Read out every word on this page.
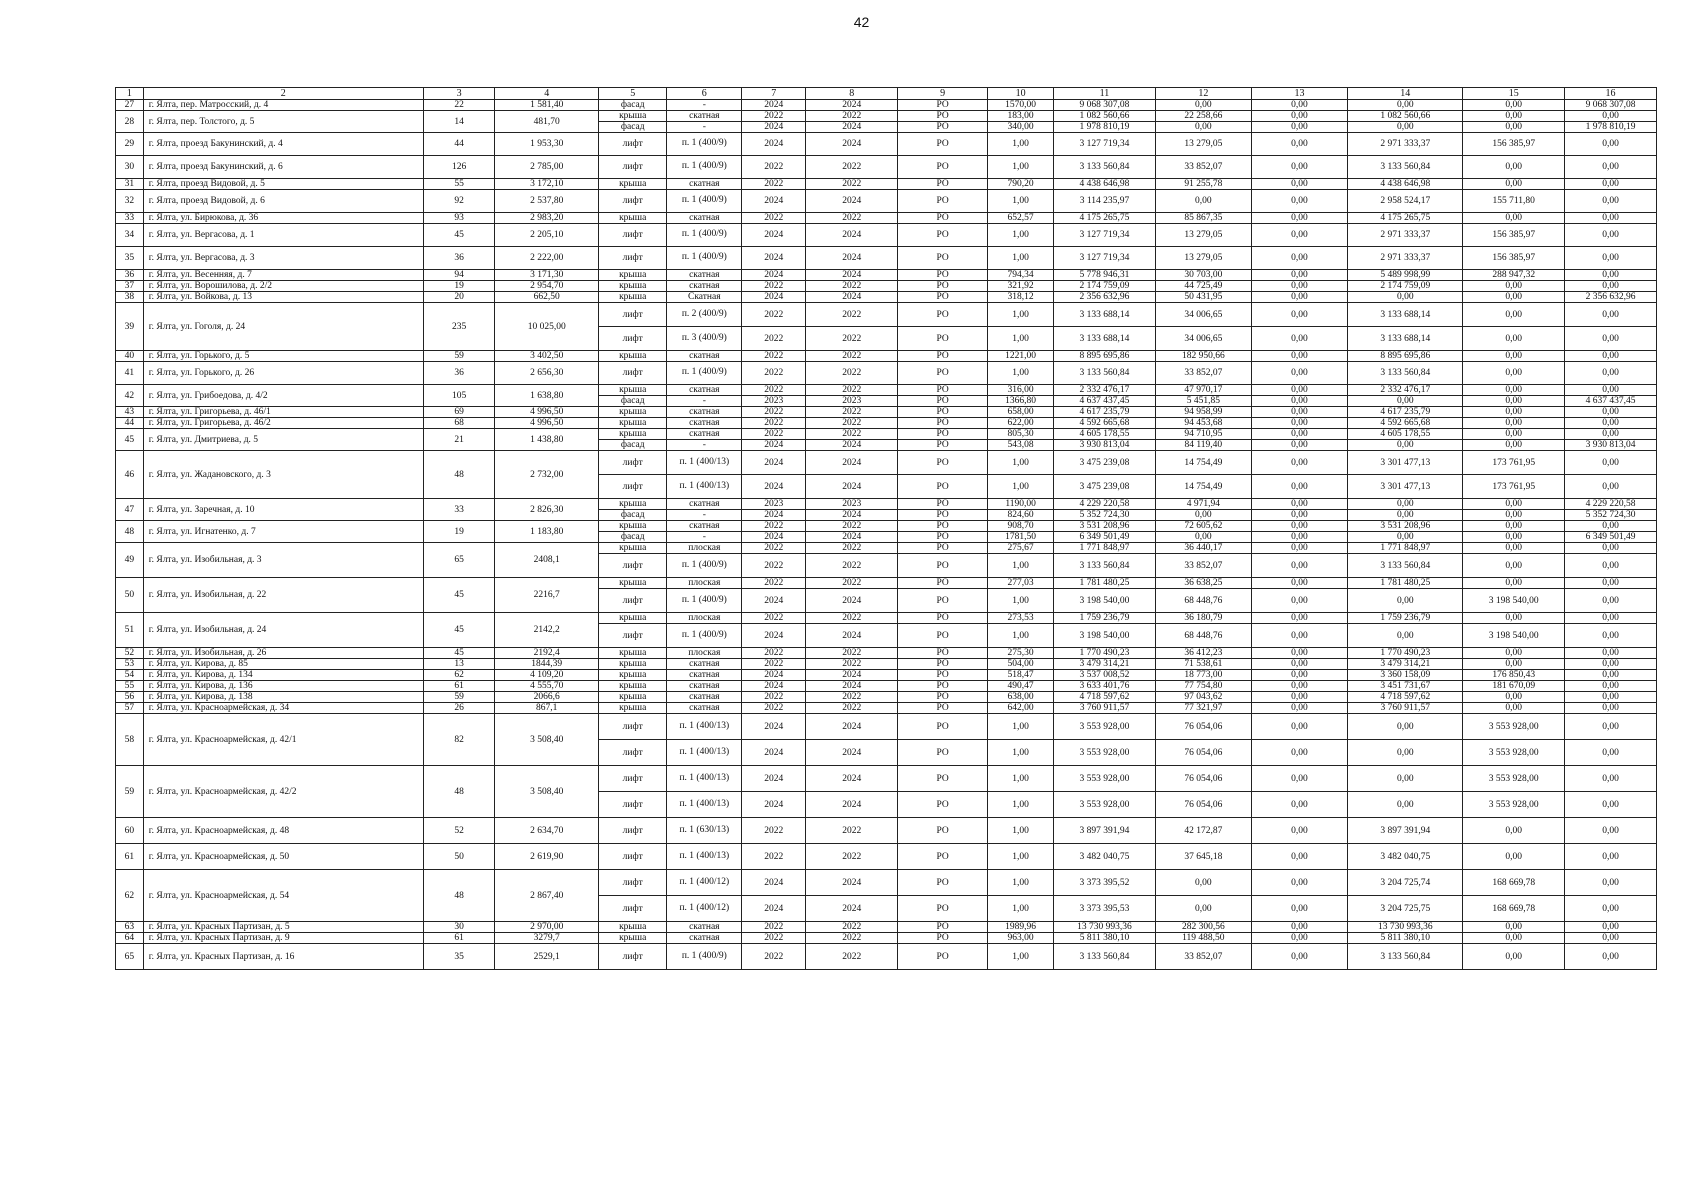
42
1	2	3	4	5	6	7	8	9	10	11	12	13	14	15	16
27	г. Ялта, пер. Матросский, д. 4	22	1 581,40	фасад	-	2024	2024	РО	1570,00	9 068 307,08	0,00	0,00	0,00	0,00	9 068 307,08
28	г. Ялта, пер. Толстого, д. 5	14	481,70	крыша	скатная	2022	2022	РО	183,00	1 082 560,66	22 258,66	0,00	1 082 560,66	0,00	0,00
				фасад	-	2024	2024	РО	340,00	1 978 810,19	0,00	0,00	0,00	0,00	1 978 810,19
29	г. Ялта, проезд Бакунинский, д. 4	44	1 953,30	лифт	п. 1 (400/9)	2024	2024	РО	1,00	3 127 719,34	13 279,05	0,00	2 971 333,37	156 385,97	0,00
30	г. Ялта, проезд Бакунинский, д. 6	126	2 785,00	лифт	п. 1 (400/9)	2022	2022	РО	1,00	3 133 560,84	33 852,07	0,00	3 133 560,84	0,00	0,00
31	г. Ялта, проезд Видовой, д. 5	55	3 172,10	крыша	скатная	2022	2022	РО	790,20	4 438 646,98	91 255,78	0,00	4 438 646,98	0,00	0,00
32	г. Ялта, проезд Видовой, д. 6	92	2 537,80	лифт	п. 1 (400/9)	2024	2024	РО	1,00	3 114 235,97	0,00	0,00	2 958 524,17	155 711,80	0,00
33	г. Ялта, ул. Бирюкова, д. 36	93	2 983,20	крыша	скатная	2022	2022	РО	652,57	4 175 265,75	85 867,35	0,00	4 175 265,75	0,00	0,00
34	г. Ялта, ул. Вергасова, д. 1	45	2 205,10	лифт	п. 1 (400/9)	2024	2024	РО	1,00	3 127 719,34	13 279,05	0,00	2 971 333,37	156 385,97	0,00
35	г. Ялта, ул. Вергасова, д. 3	36	2 222,00	лифт	п. 1 (400/9)	2024	2024	РО	1,00	3 127 719,34	13 279,05	0,00	2 971 333,37	156 385,97	0,00
36	г. Ялта, ул. Весенняя, д. 7	94	3 171,30	крыша	скатная	2024	2024	РО	794,34	5 778 946,31	30 703,00	0,00	5 489 998,99	288 947,32	0,00
37	г. Ялта, ул. Ворошилова, д. 2/2	19	2 954,70	крыша	скатная	2022	2022	РО	321,92	2 174 759,09	44 725,49	0,00	2 174 759,09	0,00	0,00
38	г. Ялта, ул. Войкова, д. 13	20	662,50	крыша	Скатная	2024	2024	РО	318,12	2 356 632,96	50 431,95	0,00	0,00	0,00	2 356 632,96
39	г. Ялта, ул. Гоголя, д. 24	235	10 025,00	лифт	п. 2 (400/9)	2022	2022	РО	1,00	3 133 688,14	34 006,65	0,00	3 133 688,14	0,00	0,00
				лифт	п. 3 (400/9)	2022	2022	РО	1,00	3 133 688,14	34 006,65	0,00	3 133 688,14	0,00	0,00
40	г. Ялта, ул. Горького, д. 5	59	3 402,50	крыша	скатная	2022	2022	РО	1221,00	8 895 695,86	182 950,66	0,00	8 895 695,86	0,00	0,00
41	г. Ялта, ул. Горького, д. 26	36	2 656,30	лифт	п. 1 (400/9)	2022	2022	РО	1,00	3 133 560,84	33 852,07	0,00	3 133 560,84	0,00	0,00
42	г. Ялта, ул. Грибоедова, д. 4/2	105	1 638,80	крыша	скатная	2022	2022	РО	316,00	2 332 476,17	47 970,17	0,00	2 332 476,17	0,00	0,00
				фасад	-	2023	2023	РО	1366,80	4 637 437,45	5 451,85	0,00	0,00	0,00	4 637 437,45
43	г. Ялта, ул. Григорьева, д. 46/1	69	4 996,50	крыша	скатная	2022	2022	РО	658,00	4 617 235,79	94 958,99	0,00	4 617 235,79	0,00	0,00
44	г. Ялта, ул. Григорьева, д. 46/2	68	4 996,50	крыша	скатная	2022	2022	РО	622,00	4 592 665,68	94 453,68	0,00	4 592 665,68	0,00	0,00
45	г. Ялта, ул. Дмитриева, д. 5	21	1 438,80	крыша	скатная	2022	2022	РО	805,30	4 605 178,55	94 710,95	0,00	4 605 178,55	0,00	0,00
				фасад	-	2024	2024	РО	543,08	3 930 813,04	84 119,40	0,00	0,00	0,00	3 930 813,04
46	г. Ялта, ул. Жадановского, д. 3	48	2 732,00	лифт	п. 1 (400/13)	2024	2024	РО	1,00	3 475 239,08	14 754,49	0,00	3 301 477,13	173 761,95	0,00
				лифт	п. 1 (400/13)	2024	2024	РО	1,00	3 475 239,08	14 754,49	0,00	3 301 477,13	173 761,95	0,00
47	г. Ялта, ул. Заречная, д. 10	33	2 826,30	крыша	скатная	2023	2023	РО	1190,00	4 229 220,58	4 971,94	0,00	0,00	0,00	4 229 220,58
				фасад	-	2024	2024	РО	824,60	5 352 724,30	0,00	0,00	0,00	0,00	5 352 724,30
48	г. Ялта, ул. Игнатенко, д. 7	19	1 183,80	крыша	скатная	2022	2022	РО	908,70	3 531 208,96	72 605,62	0,00	3 531 208,96	0,00	0,00
				фасад	-	2024	2024	РО	1781,50	6 349 501,49	0,00	0,00	0,00	0,00	6 349 501,49
49	г. Ялта, ул. Изобильная, д. 3	65	2408,1	крыша	плоская	2022	2022	РО	275,67	1 771 848,97	36 440,17	0,00	1 771 848,97	0,00	0,00
				лифт	п. 1 (400/9)	2022	2022	РО	1,00	3 133 560,84	33 852,07	0,00	3 133 560,84	0,00	0,00
50	г. Ялта, ул. Изобильная, д. 22	45	2216,7	крыша	плоская	2022	2022	РО	277,03	1 781 480,25	36 638,25	0,00	1 781 480,25	0,00	0,00
				лифт	п. 1 (400/9)	2024	2024	РО	1,00	3 198 540,00	68 448,76	0,00	0,00	3 198 540,00	0,00
51	г. Ялта, ул. Изобильная, д. 24	45	2142,2	крыша	плоская	2022	2022	РО	273,53	1 759 236,79	36 180,79	0,00	1 759 236,79	0,00	0,00
				лифт	п. 1 (400/9)	2024	2024	РО	1,00	3 198 540,00	68 448,76	0,00	0,00	3 198 540,00	0,00
52	г. Ялта, ул. Изобильная, д. 26	45	2192,4	крыша	плоская	2022	2022	РО	275,30	1 770 490,23	36 412,23	0,00	1 770 490,23	0,00	0,00
53	г. Ялта, ул. Кирова, д. 85	13	1844,39	крыша	скатная	2022	2022	РО	504,00	3 479 314,21	71 538,61	0,00	3 479 314,21	0,00	0,00
54	г. Ялта, ул. Кирова, д. 134	62	4 109,20	крыша	скатная	2024	2024	РО	518,47	3 537 008,52	18 773,00	0,00	3 360 158,09	176 850,43	0,00
55	г. Ялта, ул. Кирова, д. 136	61	4 555,70	крыша	скатная	2024	2024	РО	490,47	3 633 401,76	77 754,80	0,00	3 451 731,67	181 670,09	0,00
56	г. Ялта, ул. Кирова, д. 138	59	2066,6	крыша	скатная	2022	2022	РО	638,00	4 718 597,62	97 043,62	0,00	4 718 597,62	0,00	0,00
57	г. Ялта, ул. Красноармейская, д. 34	26	867,1	крыша	скатная	2022	2022	РО	642,00	3 760 911,57	77 321,97	0,00	3 760 911,57	0,00	0,00
58	г. Ялта, ул. Красноармейская, д. 42/1	82	3 508,40	лифт	п. 1 (400/13)	2024	2024	РО	1,00	3 553 928,00	76 054,06	0,00	0,00	3 553 928,00	0,00
				лифт	п. 1 (400/13)	2024	2024	РО	1,00	3 553 928,00	76 054,06	0,00	0,00	3 553 928,00	0,00
59	г. Ялта, ул. Красноармейская, д. 42/2	48	3 508,40	лифт	п. 1 (400/13)	2024	2024	РО	1,00	3 553 928,00	76 054,06	0,00	0,00	3 553 928,00	0,00
				лифт	п. 1 (400/13)	2024	2024	РО	1,00	3 553 928,00	76 054,06	0,00	0,00	3 553 928,00	0,00
60	г. Ялта, ул. Красноармейская, д. 48	52	2 634,70	лифт	п. 1 (630/13)	2022	2022	РО	1,00	3 897 391,94	42 172,87	0,00	3 897 391,94	0,00	0,00
61	г. Ялта, ул. Красноармейская, д. 50	50	2 619,90	лифт	п. 1 (400/13)	2022	2022	РО	1,00	3 482 040,75	37 645,18	0,00	3 482 040,75	0,00	0,00
62	г. Ялта, ул. Красноармейская, д. 54	48	2 867,40	лифт	п. 1 (400/12)	2024	2024	РО	1,00	3 373 395,52	0,00	0,00	3 204 725,74	168 669,78	0,00
				лифт	п. 1 (400/12)	2024	2024	РО	1,00	3 373 395,53	0,00	0,00	3 204 725,75	168 669,78	0,00
63	г. Ялта, ул. Красных Партизан, д. 5	30	2 970,00	крыша	скатная	2022	2022	РО	1989,96	13 730 993,36	282 300,56	0,00	13 730 993,36	0,00	0,00
64	г. Ялта, ул. Красных Партизан, д. 9	61	3279,7	крыша	скатная	2022	2022	РО	963,00	5 811 380,10	119 488,50	0,00	5 811 380,10	0,00	0,00
65	г. Ялта, ул. Красных Партизан, д. 16	35	2529,1	лифт	п. 1 (400/9)	2022	2022	РО	1,00	3 133 560,84	33 852,07	0,00	3 133 560,84	0,00	0,00
